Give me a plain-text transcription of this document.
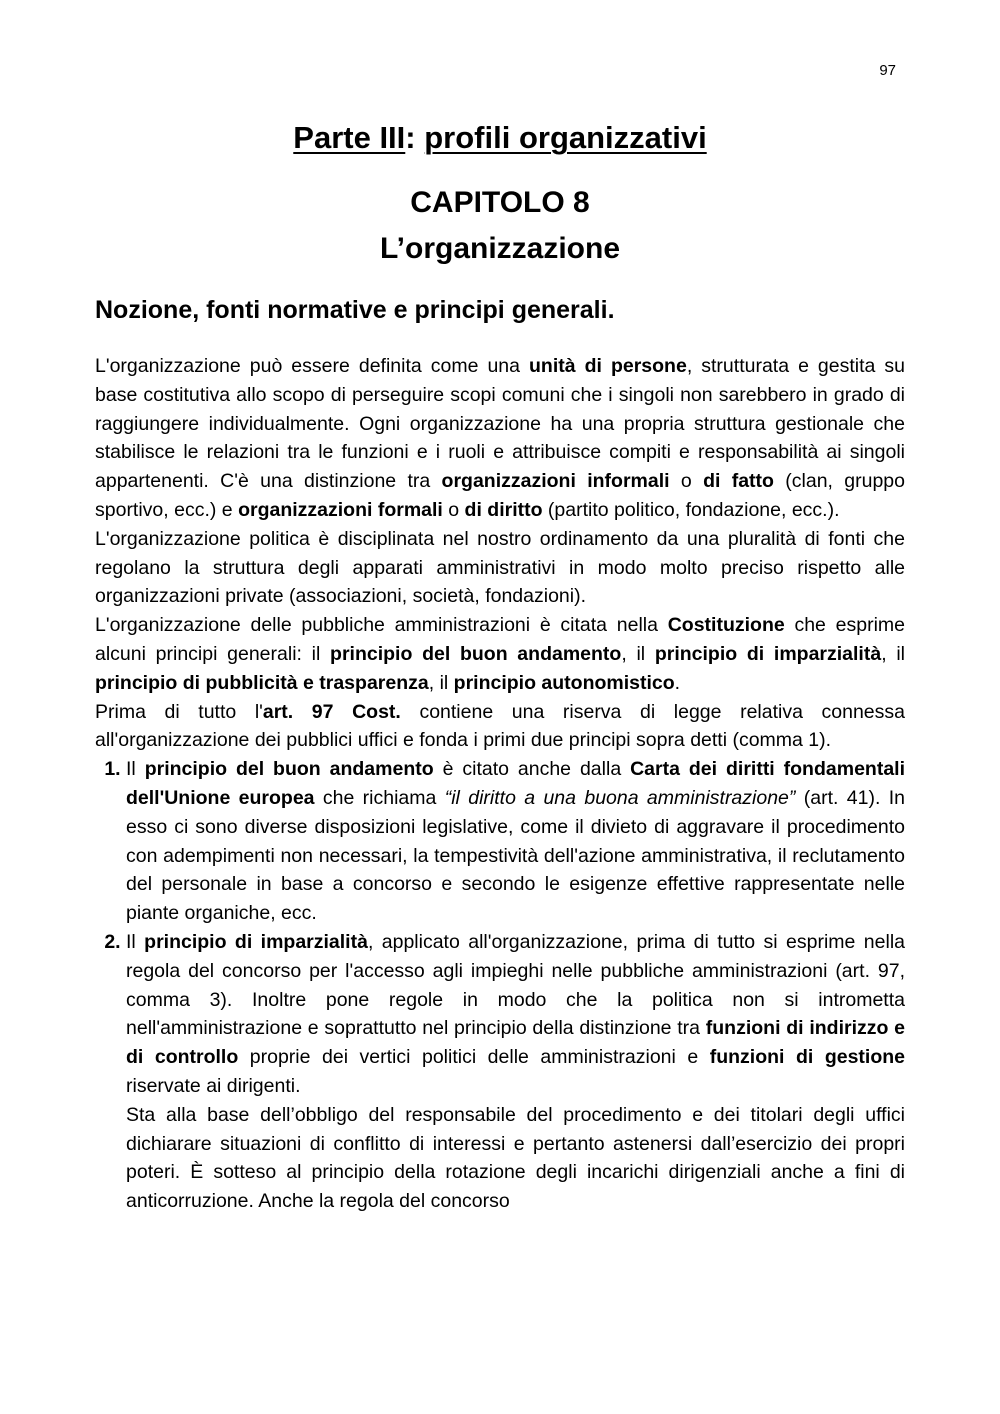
97
Parte III: profili organizzativi
CAPITOLO 8
L’organizzazione
Nozione, fonti normative e principi generali.

L'organizzazione può essere definita come una unità di persone, strutturata e gestita su base costitutiva allo scopo di perseguire scopi comuni che i singoli non sarebbero in grado di raggiungere individualmente. Ogni organizzazione ha una propria struttura gestionale che stabilisce le relazioni tra le funzioni e i ruoli e attribuisce compiti e responsabilità ai singoli appartenenti. C'è una distinzione tra organizzazioni informali o di fatto (clan, gruppo sportivo, ecc.) e organizzazioni formali o di diritto (partito politico, fondazione, ecc.).

L'organizzazione politica è disciplinata nel nostro ordinamento da una pluralità di fonti che regolano la struttura degli apparati amministrativi in modo molto preciso rispetto alle organizzazioni private (associazioni, società, fondazioni).

L'organizzazione delle pubbliche amministrazioni è citata nella Costituzione che esprime alcuni principi generali: il principio del buon andamento, il principio di imparzialità, il principio di pubblicità e trasparenza, il principio autonomistico.

Prima di tutto l'art. 97 Cost. contiene una riserva di legge relativa connessa all'organizzazione dei pubblici uffici e fonda i primi due principi sopra detti (comma 1).

1. Il principio del buon andamento è citato anche dalla Carta dei diritti fondamentali dell'Unione europea che richiama “il diritto a una buona amministrazione” (art. 41). In esso ci sono diverse disposizioni legislative, come il divieto di aggravare il procedimento con adempimenti non necessari, la tempestività dell'azione amministrativa, il reclutamento del personale in base a concorso e secondo le esigenze effettive rappresentate nelle piante organiche, ecc.

2. Il principio di imparzialità, applicato all'organizzazione, prima di tutto si esprime nella regola del concorso per l'accesso agli impieghi nelle pubbliche amministrazioni (art. 97, comma 3). Inoltre pone regole in modo che la politica non si intrometta nell'amministrazione e soprattutto nel principio della distinzione tra funzioni di indirizzo e di controllo proprie dei vertici politici delle amministrazioni e funzioni di gestione riservate ai dirigenti.

Sta alla base dell’obbligo del responsabile del procedimento e dei titolari degli uffici dichiarare situazioni di conflitto di interessi e pertanto astenersi dall’esercizio dei propri poteri. È sotteso al principio della rotazione degli incarichi dirigenziali anche a fini di anticorruzione. Anche la regola del concorso
